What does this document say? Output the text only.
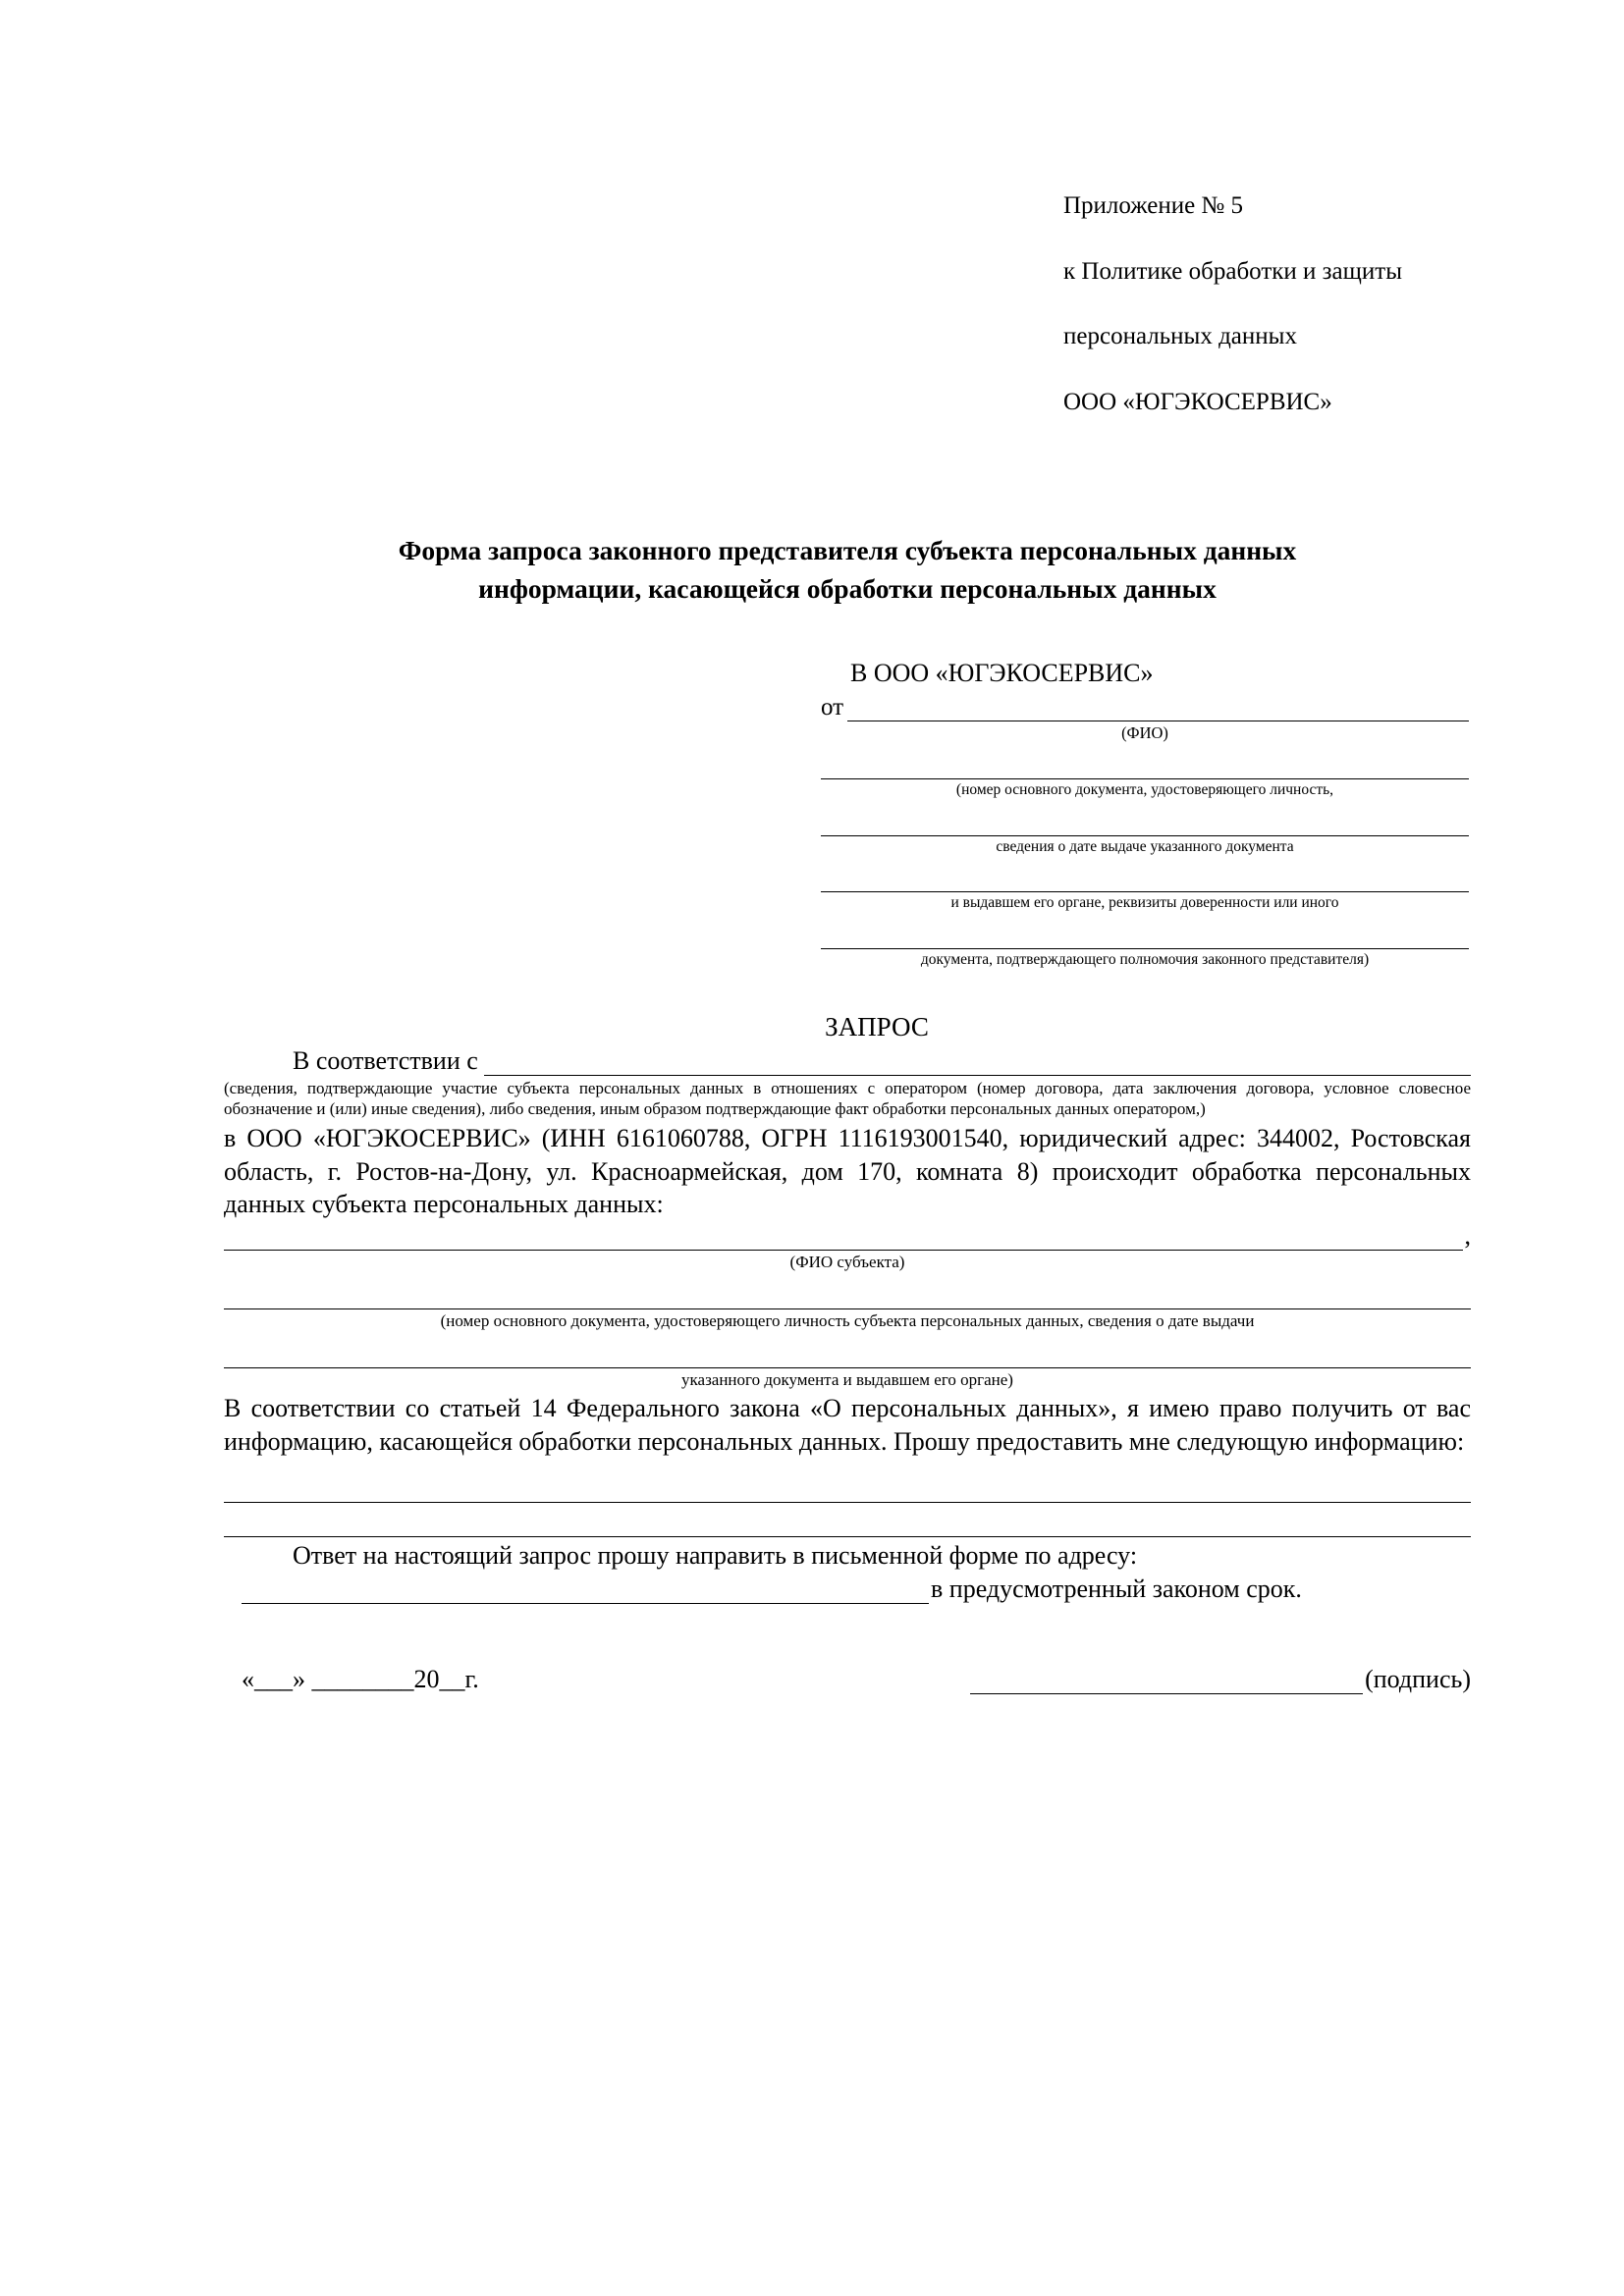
Приложение № 5

к Политике обработки и защиты

персональных данных

ООО «ЮГЭКОСЕРВИС»

Форма запроса законного представителя субъекта персональных данных
информации, касающейся обработки персональных данных
В ООО «ЮГЭКОСЕРВИС»
от
(ФИО)
(номер основного документа, удостоверяющего личность,
сведения о дате выдаче указанного документа
и выдавшем его органе, реквизиты доверенности или иного
документа, подтверждающего полномочия законного представителя)
ЗАПРОС
В соответствии с
(сведения, подтверждающие участие субъекта персональных данных в отношениях с оператором (номер договора, дата заключения договора, условное словесное обозначение и (или) иные сведения), либо сведения, иным образом подтверждающие факт обработки персональных данных оператором,)
в ООО «ЮГЭКОСЕРВИС» (ИНН 6161060788, ОГРН 1116193001540, юридический адрес: 344002, Ростовская область, г. Ростов-на-Дону, ул. Красноармейская, дом 170, комната 8) происходит обработка персональных данных субъекта персональных данных:
,
(ФИО субъекта)
(номер основного документа, удостоверяющего личность субъекта персональных данных, сведения о дате выдачи
указанного документа и выдавшем его органе)
В соответствии со статьей 14 Федерального закона «О персональных данных», я имею право получить от вас информацию, касающейся обработки персональных данных. Прошу предоставить мне следующую информацию:
Ответ на настоящий запрос прошу направить в письменной форме по адресу:
в предусмотренный законом срок.
«___» ________20__г.	(подпись)
